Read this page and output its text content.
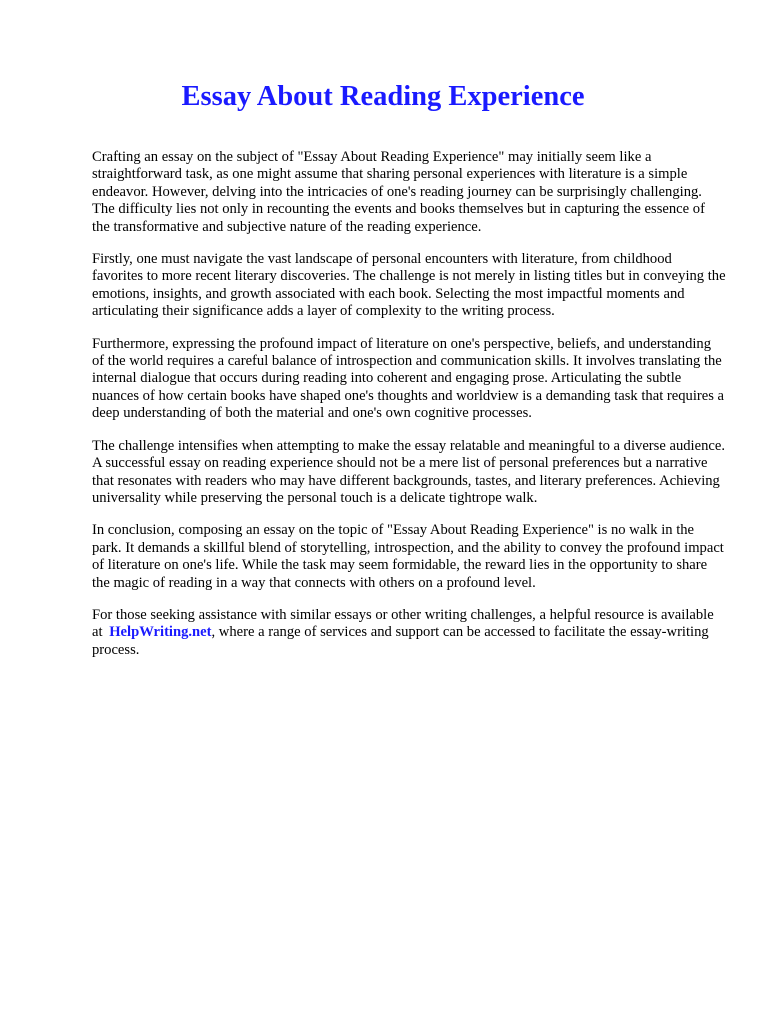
Essay About Reading Experience

Crafting an essay on the subject of "Essay About Reading Experience" may initially seem like a straightforward task, as one might assume that sharing personal experiences with literature is a simple endeavor. However, delving into the intricacies of one's reading journey can be surprisingly challenging. The difficulty lies not only in recounting the events and books themselves but in capturing the essence of the transformative and subjective nature of the reading experience.

Firstly, one must navigate the vast landscape of personal encounters with literature, from childhood favorites to more recent literary discoveries. The challenge is not merely in listing titles but in conveying the emotions, insights, and growth associated with each book. Selecting the most impactful moments and articulating their significance adds a layer of complexity to the writing process.

Furthermore, expressing the profound impact of literature on one's perspective, beliefs, and understanding of the world requires a careful balance of introspection and communication skills. It involves translating the internal dialogue that occurs during reading into coherent and engaging prose. Articulating the subtle nuances of how certain books have shaped one's thoughts and worldview is a demanding task that requires a deep understanding of both the material and one's own cognitive processes.

The challenge intensifies when attempting to make the essay relatable and meaningful to a diverse audience. A successful essay on reading experience should not be a mere list of personal preferences but a narrative that resonates with readers who may have different backgrounds, tastes, and literary preferences. Achieving universality while preserving the personal touch is a delicate tightrope walk.

In conclusion, composing an essay on the topic of "Essay About Reading Experience" is no walk in the park. It demands a skillful blend of storytelling, introspection, and the ability to convey the profound impact of literature on one's life. While the task may seem formidable, the reward lies in the opportunity to share the magic of reading in a way that connects with others on a profound level.

For those seeking assistance with similar essays or other writing challenges, a helpful resource is available at HelpWriting.net, where a range of services and support can be accessed to facilitate the essay-writing process.
